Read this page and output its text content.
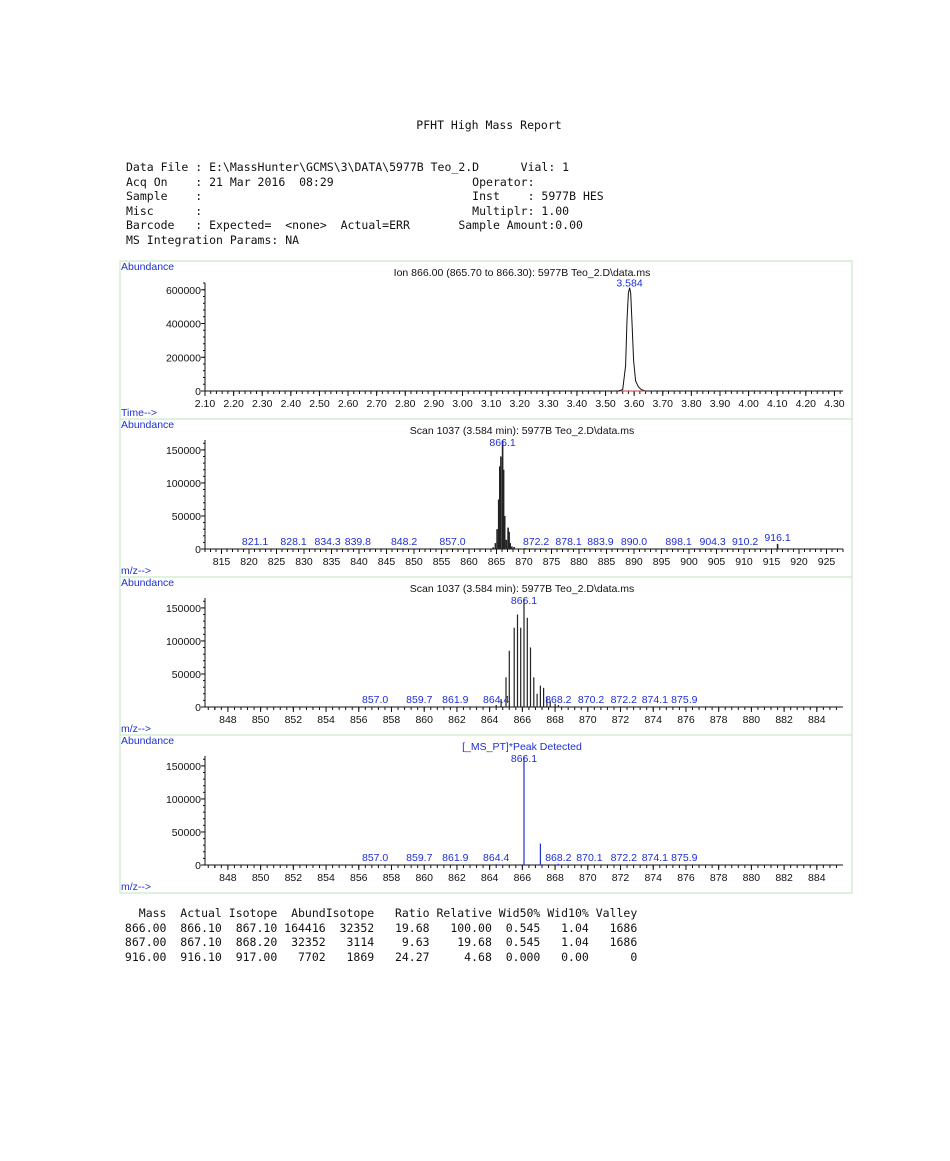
PFHT High Mass Report
Data File : E:\MassHunter\GCMS\3\DATA\5977B Teo_2.D      Vial: 1
Acq On    : 21 Mar 2016  08:29                    Operator:
Sample    :                                       Inst    : 5977B HES
Misc      :                                       Multiplr: 1.00
Barcode   : Expected=  <none>  Actual=ERR       Sample Amount:0.00
MS Integration Params: NA
Abundance	Ion 866.00 (865.70 to 866.30): 5977B Teo_2.D\data.ms
Time-->
0
200000
400000
600000
2.10 2.20 2.30 2.40 2.50 2.60 2.70 2.80 2.90 3.00 3.10 3.20 3.30 3.40 3.50 3.60 3.70 3.80 3.90 4.00 4.10 4.20 4.30
3.584
Abundance	Scan 1037 (3.584 min): 5977B Teo_2.D\data.ms
m/z-->
0
50000
100000
150000
815 820 825 830 835 840 845 850 855 860 865 870 875 880 885 890 895 900 905 910 915 920 925
821.1 828.1 834.3 839.8 848.2 857.0
866.1
872.2 878.1 883.9 890.0 898.1 904.3 910.2 916.1
Abundance	Scan 1037 (3.584 min): 5977B Teo_2.D\data.ms
m/z-->
0
50000
100000
150000
848 850 852 854 856 858 860 862 864 866 868 870 872 874 876 878 880 882 884
857.0 859.7 861.9 864.4
866.1
868.2 870.2 872.2 874.1 875.9
Abundance	[_MS_PT]*Peak Detected
m/z-->
0
50000
100000
150000
848 850 852 854 856 858 860 862 864 866 868 870 872 874 876 878 880 882 884
857.0 859.7 861.9 864.4
866.1
868.2 870.1 872.2 874.1 875.9
Mass  Actual Isotope  AbundIsotope   Ratio Relative Wid50% Wid10% Valley
866.00  866.10  867.10 164416  32352   19.68   100.00  0.545   1.04   1686
867.00  867.10  868.20  32352   3114    9.63    19.68  0.545   1.04   1686
916.00  916.10  917.00   7702   1869   24.27     4.68  0.000   0.00      0
